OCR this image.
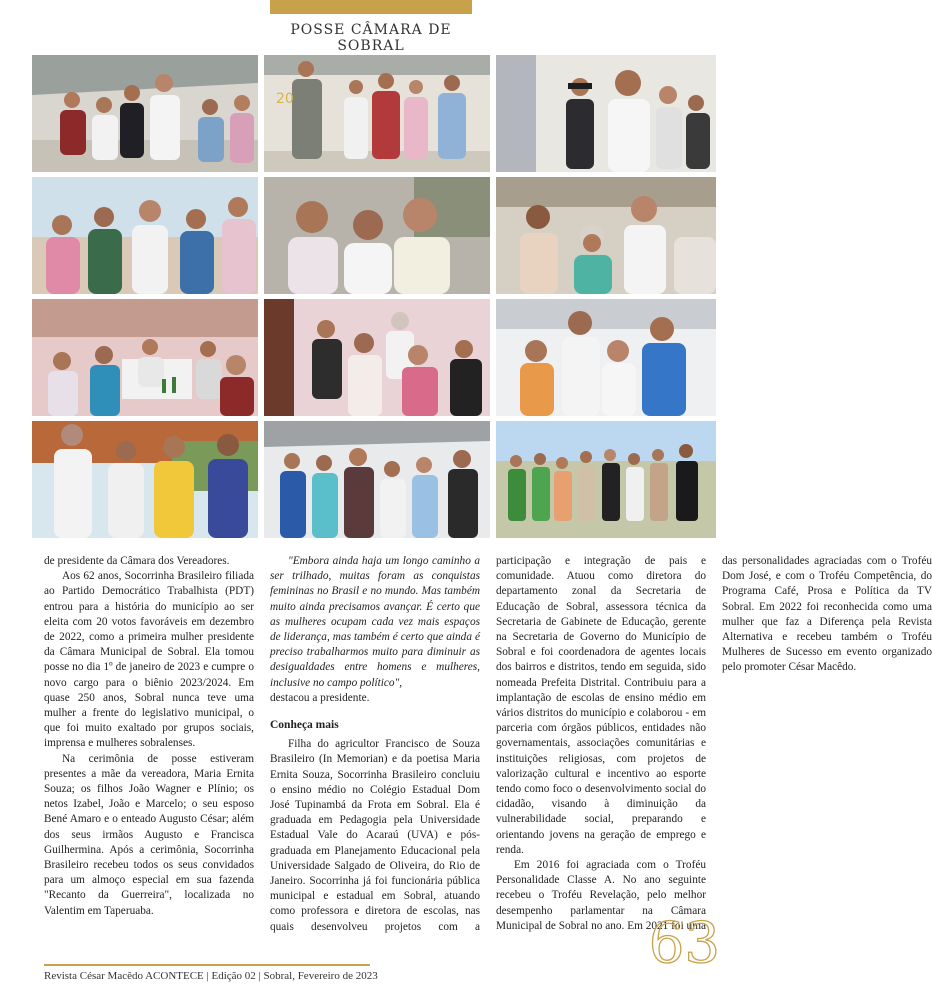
POSSE CÂMARA DE SOBRAL
20

de presidente da Câmara dos Vereadores.

Aos 62 anos, Socorrinha Brasileiro filiada ao Partido Democrático Trabalhista (PDT) entrou para a história do município ao ser eleita com 20 votos favoráveis em dezembro de 2022, como a primeira mulher presidente da Câmara Municipal de Sobral. Ela tomou posse no dia 1º de janeiro de 2023 e cumpre o novo cargo para o biênio 2023/2024. Em quase 250 anos, Sobral nunca teve uma mulher a frente do legislativo municipal, o que foi muito exaltado por grupos sociais, imprensa e mulheres sobralenses.

Na cerimônia de posse estiveram presentes a mãe da vereadora, Maria Ernita Souza; os filhos João Wagner e Plínio; os netos Izabel, João e Marcelo; o seu esposo Bené Amaro e o enteado Augusto César; além dos seus irmãos Augusto e Francisca Guilhermina. Após a cerimônia, Socorrinha Brasileiro recebeu todos os seus convidados para um almoço especial em sua fazenda "Recanto da Guerreira", localizada no Valentim em Taperuaba.

"Embora ainda haja um longo caminho a ser trilhado, muitas foram as conquistas femininas no Brasil e no mundo. Mas também muito ainda precisamos avançar. É certo que as mulheres ocupam cada vez mais espaços de liderança, mas também é certo que ainda é preciso trabalharmos muito para diminuir as desigualdades entre homens e mulheres, inclusive no campo político",

destacou a presidente.

Conheça mais

Filha do agricultor Francisco de Souza Brasileiro (In Memorian) e da poetisa Maria Ernita Souza, Socorrinha Brasileiro concluiu o ensino médio no Colégio Estadual Dom José Tupinambá da Frota em Sobral. Ela é graduada em Pedagogia pela Universidade Estadual Vale do Acaraú (UVA) e pós-graduada em Planejamento Educacional pela Universidade Salgado de Oliveira, do Rio de Janeiro. Socorrinha já foi funcionária pública municipal e estadual em Sobral, atuando como professora e diretora de escolas, nas quais desenvolveu projetos com a participação e integração de pais e comunidade. Atuou como diretora do departamento zonal da Secretaria de Educação de Sobral, assessora técnica da Secretaria de Gabinete de Educação, gerente na Secretaria de Governo do Município de Sobral e foi coordenadora de agentes locais dos bairros e distritos, tendo em seguida, sido nomeada Prefeita Distrital. Contribuiu para a implantação de escolas de ensino médio em vários distritos do município e colaborou - em parceria com órgãos públicos, entidades não governamentais, associações comunitárias e instituições religiosas, com projetos de valorização cultural e incentivo ao esporte tendo como foco o desenvolvimento social do cidadão, visando à diminuição da vulnerabilidade social, preparando e orientando jovens na geração de emprego e renda.

Em 2016 foi agraciada com o Troféu Personalidade Classe A. No ano seguinte recebeu o Troféu Revelação, pelo melhor desempenho parlamentar na Câmara Municipal de Sobral no ano. Em 2021 foi uma das personalidades agraciadas com o Troféu Dom José, e com o Troféu Competência, do Programa Café, Prosa e Política da TV Sobral. Em 2022 foi reconhecida como uma mulher que faz a Diferença pela Revista Alternativa e recebeu também o Troféu Mulheres de Sucesso em evento organizado pelo promoter César Macêdo.

63
Revista César Macêdo ACONTECE | Edição 02 | Sobral, Fevereiro de 2023
